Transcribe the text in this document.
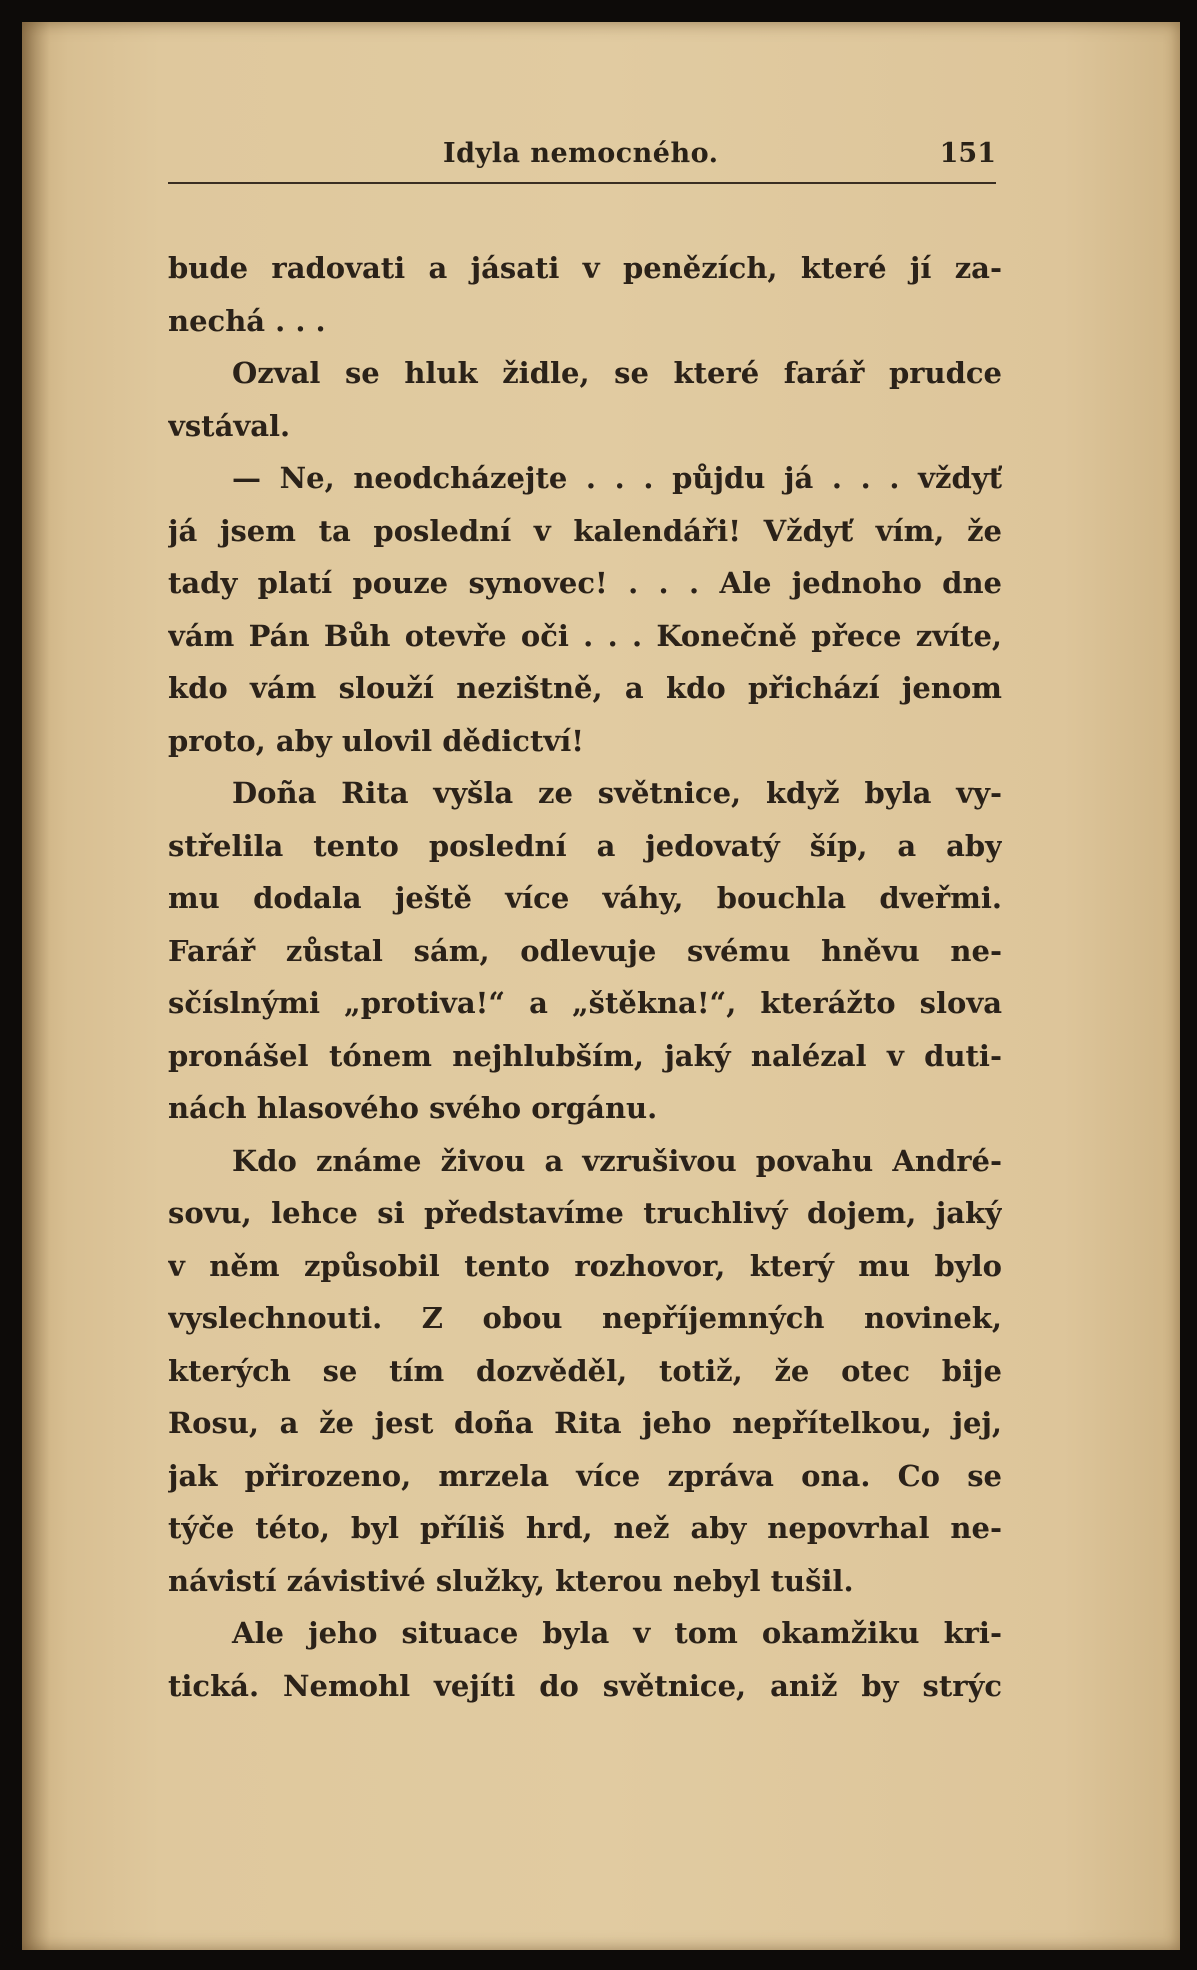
Idyla nemocného.	151
bude radovati a jásati v penězích, které jí za-
nechá . . .
Ozval se hluk židle, se které farář prudce
vstával.
— Ne, neodcházejte . . . půjdu já . . . vždyť
já jsem ta poslední v kalendáři! Vždyť vím, že
tady platí pouze synovec! . . . Ale jednoho dne
vám Pán Bůh otevře oči . . . Konečně přece zvíte,
kdo vám slouží nezištně, a kdo přichází jenom
proto, aby ulovil dědictví!
Doña Rita vyšla ze světnice, když byla vy-
střelila tento poslední a jedovatý šíp, a aby
mu dodala ještě více váhy, bouchla dveřmi.
Farář zůstal sám, odlevuje svému hněvu ne-
sčíslnými „protiva!“ a „štěkna!“, kterážto slova
pronášel tónem nejhlubším, jaký nalézal v duti-
nách hlasového svého orgánu.
Kdo známe živou a vzrušivou povahu André-
sovu, lehce si představíme truchlivý dojem, jaký
v něm způsobil tento rozhovor, který mu bylo
vyslechnouti. Z obou nepříjemných novinek,
kterých se tím dozvěděl, totiž, že otec bije
Rosu, a že jest doña Rita jeho nepřítelkou, jej,
jak přirozeno, mrzela více zpráva ona. Co se
týče této, byl příliš hrd, než aby nepovrhal ne-
návistí závistivé služky, kterou nebyl tušil.
Ale jeho situace byla v tom okamžiku kri-
tická. Nemohl vejíti do světnice, aniž by strýc
